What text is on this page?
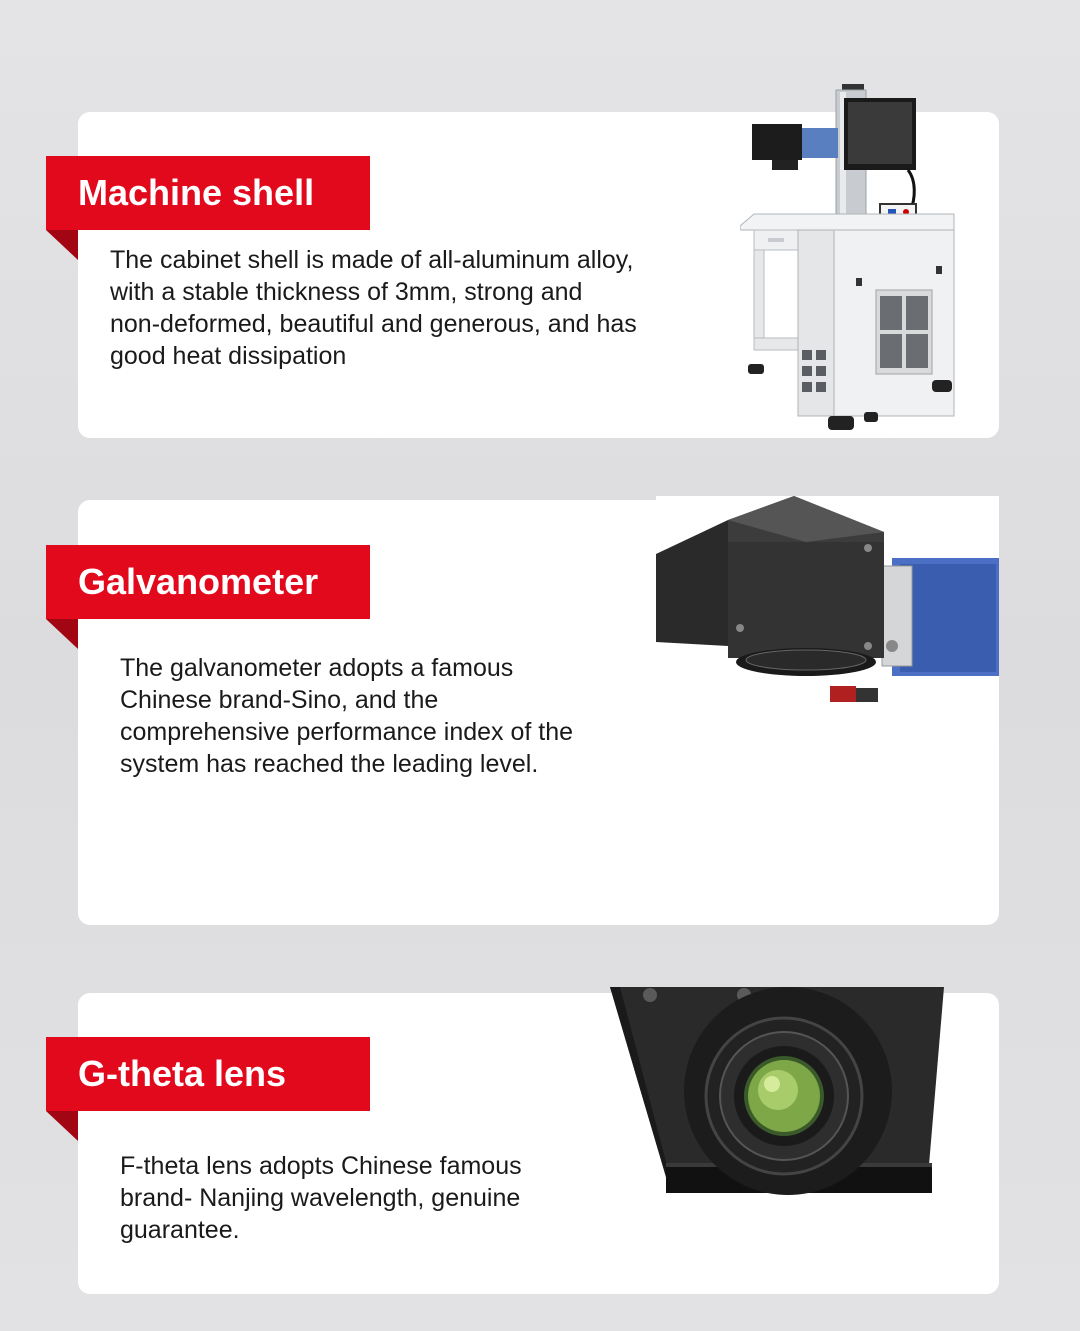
Machine shell
The cabinet shell is made of all-aluminum alloy,
with a stable thickness of 3mm, strong and
non-deformed, beautiful and generous, and has
good heat dissipation
Galvanometer
The galvanometer adopts a famous
Chinese brand-Sino, and the
comprehensive performance index of the
system has reached the leading level.
G-theta lens
F-theta lens adopts Chinese famous
brand- Nanjing wavelength, genuine
guarantee.
